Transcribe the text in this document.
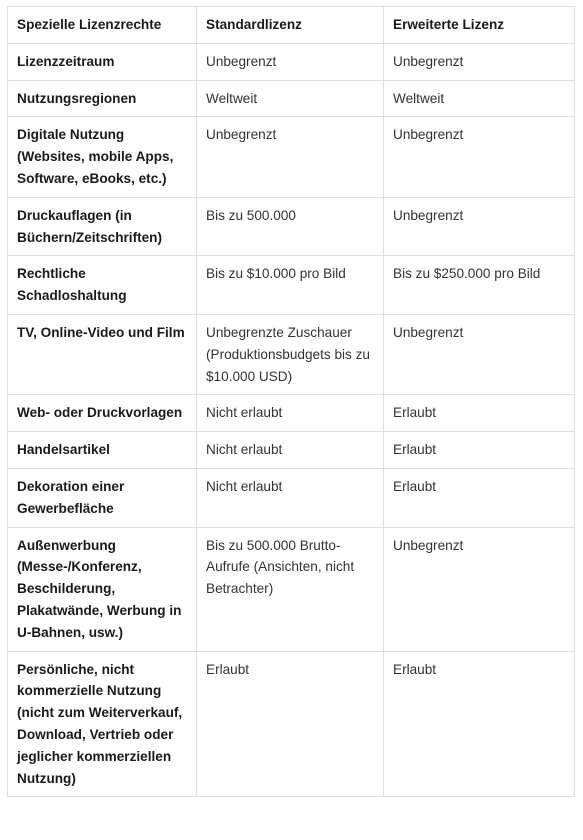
Spezielle Lizenzrechte	Standardlizenz	Erweiterte Lizenz
Lizenzzeitraum	Unbegrenzt	Unbegrenzt
Nutzungsregionen	Weltweit	Weltweit
Digitale Nutzung (Websites, mobile Apps, Software, eBooks, etc.)	Unbegrenzt	Unbegrenzt
Druckauflagen (in Büchern/Zeitschriften)	Bis zu 500.000	Unbegrenzt
Rechtliche Schadloshaltung	Bis zu $10.000 pro Bild	Bis zu $250.000 pro Bild
TV, Online-Video und Film	Unbegrenzte Zuschauer (Produktionsbudgets bis zu $10.000 USD)	Unbegrenzt
Web- oder Druckvorlagen	Nicht erlaubt	Erlaubt
Handelsartikel	Nicht erlaubt	Erlaubt
Dekoration einer Gewerbefläche	Nicht erlaubt	Erlaubt
Außenwerbung (Messe-/Konferenz, Beschilderung, Plakatwände, Werbung in U-Bahnen, usw.)	Bis zu 500.000 Brutto-Aufrufe (Ansichten, nicht Betrachter)	Unbegrenzt
Persönliche, nicht kommerzielle Nutzung (nicht zum Weiterverkauf, Download, Vertrieb oder jeglicher kommerziellen Nutzung)	Erlaubt	Erlaubt
